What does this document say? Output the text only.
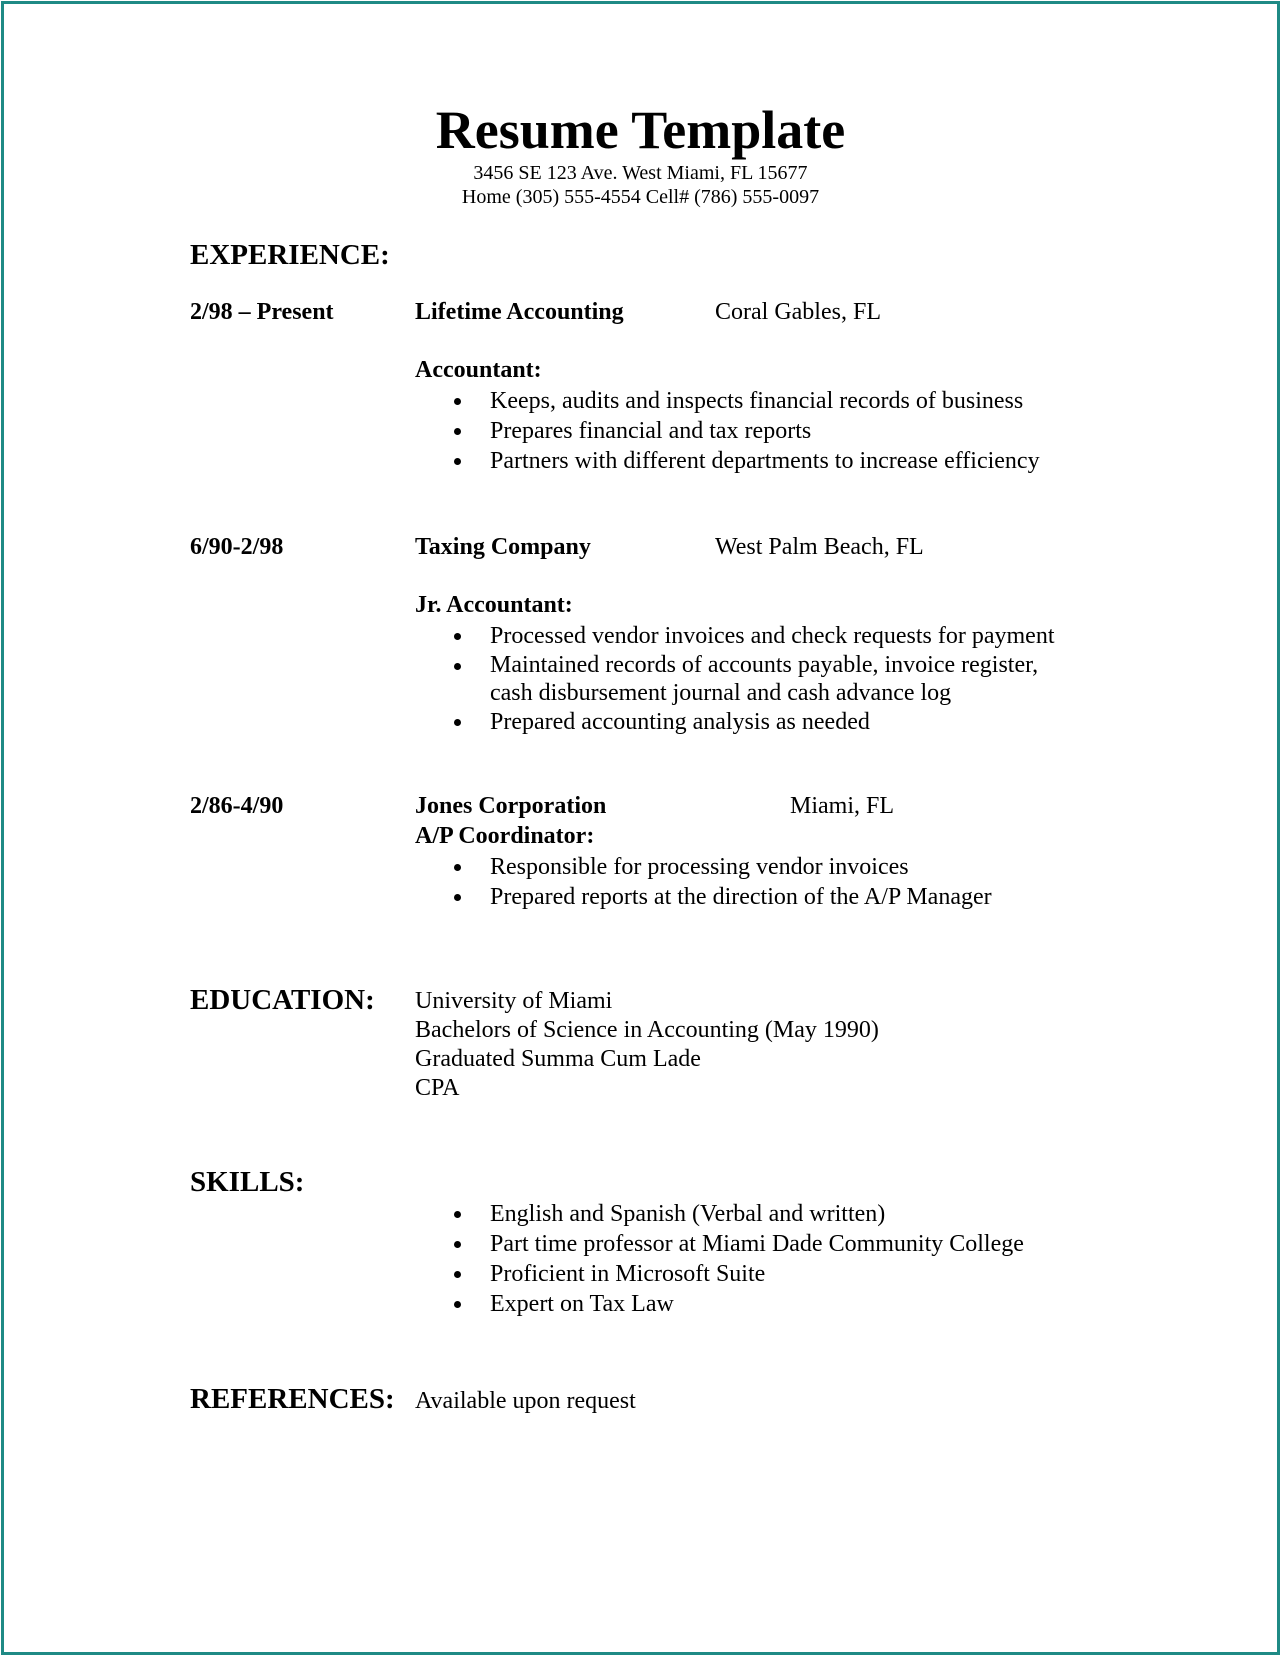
Resume Template
3456 SE 123 Ave. West Miami, FL 15677
Home (305) 555-4554 Cell# (786) 555-0097
EXPERIENCE:
2/98 – Present	Lifetime Accounting	Coral Gables, FL
Accountant:
Keeps, audits and inspects financial records of business
Prepares financial and tax reports
Partners with different departments to increase efficiency
6/90-2/98	Taxing Company	West Palm Beach, FL
Jr. Accountant:
Processed vendor invoices and check requests for payment
Maintained records of accounts payable, invoice register,
cash disbursement journal and cash advance log
Prepared accounting analysis as needed
2/86-4/90	Jones Corporation	Miami, FL
A/P Coordinator:
Responsible for processing vendor invoices
Prepared reports at the direction of the A/P Manager
EDUCATION: University of Miami
Bachelors of Science in Accounting (May 1990)
Graduated Summa Cum Lade
CPA
SKILLS:
English and Spanish (Verbal and written)
Part time professor at Miami Dade Community College
Proficient in Microsoft Suite
Expert on Tax Law
REFERENCES: Available upon request
